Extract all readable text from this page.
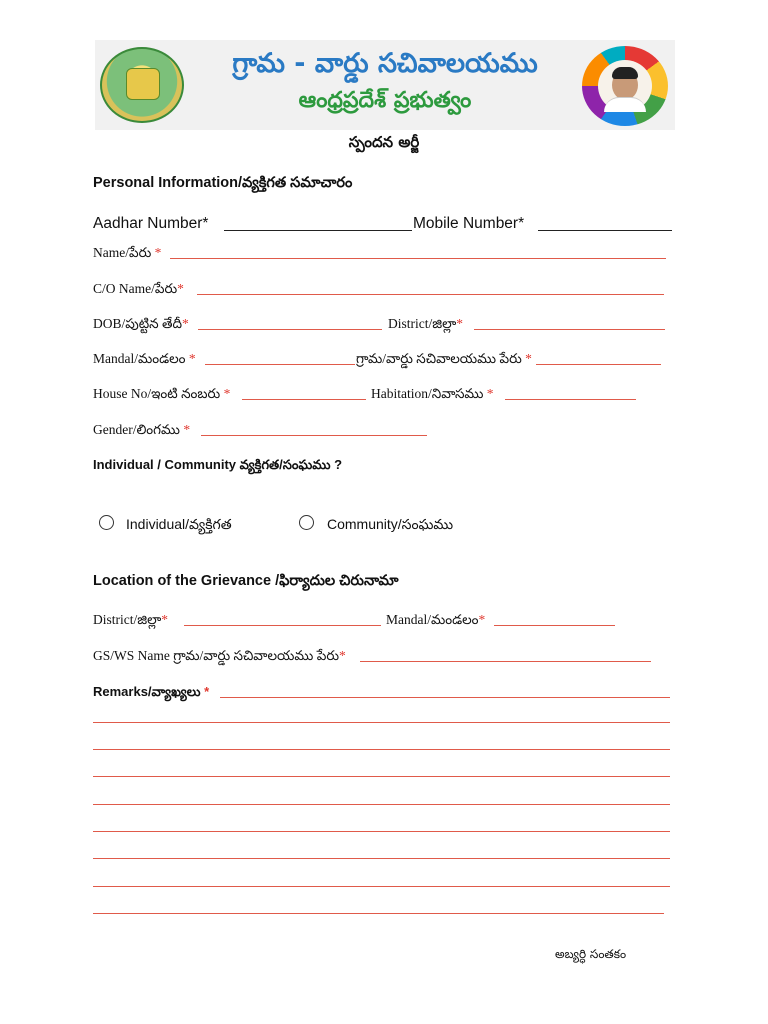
గ్రామ - వార్డు సచివాలయము
ఆంధ్రప్రదేశ్ ప్రభుత్వం
స్పందన అర్జీ
Personal Information/వ్యక్తిగత సమాచారం
Aadhar Number*	Mobile Number*
Name/పేరు *
C/O Name/పేరు*
DOB/పుట్టిన తేదీ*	District/జిల్లా*
Mandal/మండలం *	గ్రామ/వార్డు సచివాలయము పేరు *
House No/ఇంటి నంబరు *	Habitation/నివాసము *
Gender/లింగము *
Individual / Community వ్యక్తిగత/సంఘము ?
Individual/వ్యక్తిగత	Community/సంఘము
Location of the Grievance /ఫిర్యాదుల చిరునామా
District/జిల్లా*	Mandal/మండలం*
GS/WS Name గ్రామ/వార్డు సచివాలయము పేరు*
Remarks/వ్యాఖ్యలు *
అబ్యర్ధి సంతకం
